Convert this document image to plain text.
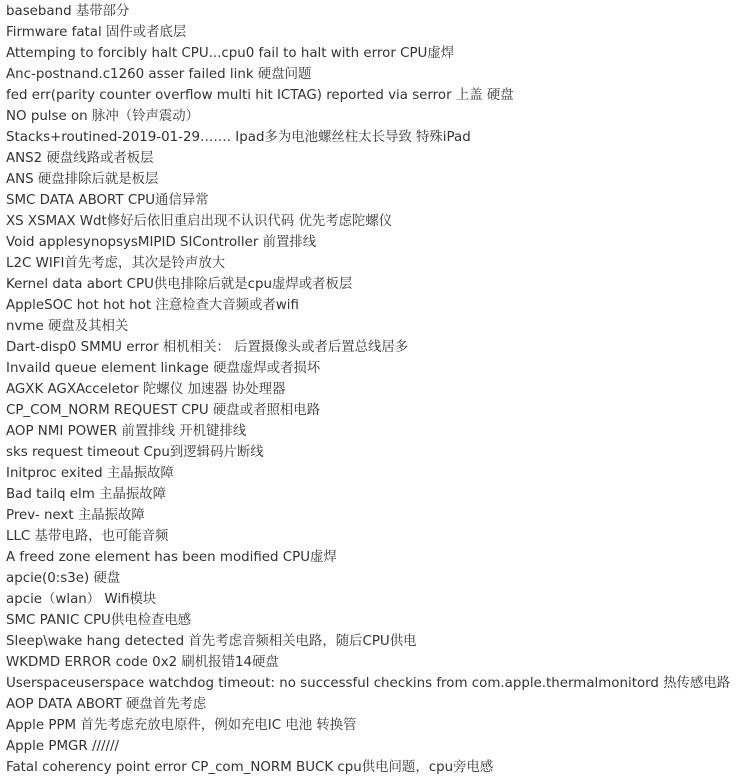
baseband 基带部分
Firmware fatal 固件或者底层
Attemping to forcibly halt CPU...cpu0 fail to halt with error CPU虚焊
Anc-postnand.c1260 asser failed link 硬盘问题
fed err(parity counter overflow multi hit ICTAG) reported via serror 上盖 硬盘
NO pulse on 脉冲（铃声震动）
Stacks+routined-2019-01-29……. Ipad多为电池螺丝柱太长导致 特殊iPad
ANS2 硬盘线路或者板层
ANS 硬盘排除后就是板层
SMC DATA ABORT CPU通信异常
XS XSMAX Wdt修好后依旧重启出现不认识代码 优先考虑陀螺仪
Void applesynopsysMIPID SIController 前置排线
L2C WIFI首先考虑，其次是铃声放大
Kernel data abort CPU供电排除后就是cpu虚焊或者板层
AppleSOC hot hot hot 注意检查大音频或者wifi
nvme 硬盘及其相关
Dart-disp0 SMMU error 相机相关： 后置摄像头或者后置总线居多
Invaild queue element linkage 硬盘虚焊或者损坏
AGXK AGXAcceletor 陀螺仪 加速器 协处理器
CP_COM_NORM REQUEST CPU 硬盘或者照相电路
AOP NMI POWER 前置排线 开机键排线
sks request timeout Cpu到逻辑码片断线
Initproc exited 主晶振故障
Bad tailq elm 主晶振故障
Prev- next 主晶振故障
LLC 基带电路，也可能音频
A freed zone element has been modified CPU虚焊
apcie(0:s3e) 硬盘
apcie（wlan） Wifi模块
SMC PANIC CPU供电检查电感
Sleep\wake hang detected 首先考虑音频相关电路，随后CPU供电
WKDMD ERROR code 0x2 刷机报错14硬盘
Userspaceuserspace watchdog timeout: no successful checkins from com.apple.thermalmonitord 热传感电路
AOP DATA ABORT 硬盘首先考虑
Apple PPM 首先考虑充放电原件，例如充电IC 电池 转换管
Apple PMGR //////
Fatal coherency point error CP_com_NORM BUCK cpu供电问题，cpu旁电感
